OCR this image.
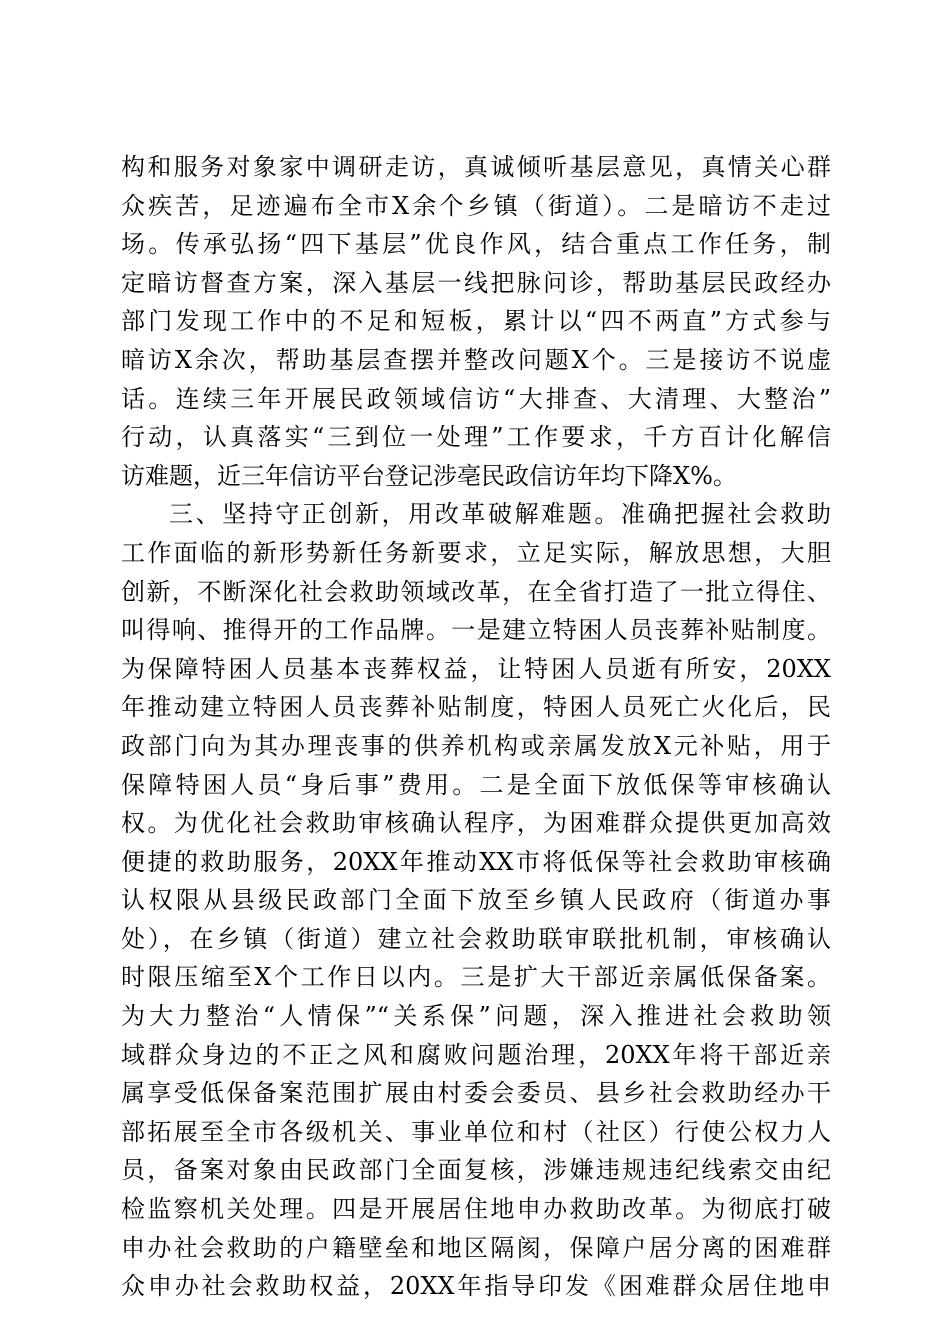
构和服务对象家中调研走访，真诚倾听基层意见，真情关心群
众疾苦，足迹遍布全市X余个乡镇（街道）。二是暗访不走过
场。传承弘扬“四下基层”优良作风，结合重点工作任务，制
定暗访督查方案，深入基层一线把脉问诊，帮助基层民政经办
部门发现工作中的不足和短板，累计以“四不两直”方式参与
暗访X余次，帮助基层查摆并整改问题X个。三是接访不说虚
话。连续三年开展民政领域信访“大排查、大清理、大整治”
行动，认真落实“三到位一处理”工作要求，千方百计化解信
访难题，近三年信访平台登记涉亳民政信访年均下降X%。
三、坚持守正创新，用改革破解难题。准确把握社会救助
工作面临的新形势新任务新要求，立足实际，解放思想，大胆
创新，不断深化社会救助领域改革，在全省打造了一批立得住、
叫得响、推得开的工作品牌。一是建立特困人员丧葬补贴制度。
为保障特困人员基本丧葬权益，让特困人员逝有所安，20XX
年推动建立特困人员丧葬补贴制度，特困人员死亡火化后，民
政部门向为其办理丧事的供养机构或亲属发放X元补贴，用于
保障特困人员“身后事”费用。二是全面下放低保等审核确认
权。为优化社会救助审核确认程序，为困难群众提供更加高效
便捷的救助服务，20XX年推动XX市将低保等社会救助审核确
认权限从县级民政部门全面下放至乡镇人民政府（街道办事
处），在乡镇（街道）建立社会救助联审联批机制，审核确认
时限压缩至X个工作日以内。三是扩大干部近亲属低保备案。
为大力整治“人情保”“关系保”问题，深入推进社会救助领
域群众身边的不正之风和腐败问题治理，20XX年将干部近亲
属享受低保备案范围扩展由村委会委员、县乡社会救助经办干
部拓展至全市各级机关、事业单位和村（社区）行使公权力人
员，备案对象由民政部门全面复核，涉嫌违规违纪线索交由纪
检监察机关处理。四是开展居住地申办救助改革。为彻底打破
申办社会救助的户籍壁垒和地区隔阂，保障户居分离的困难群
众申办社会救助权益，20XX年指导印发《困难群众居住地申
